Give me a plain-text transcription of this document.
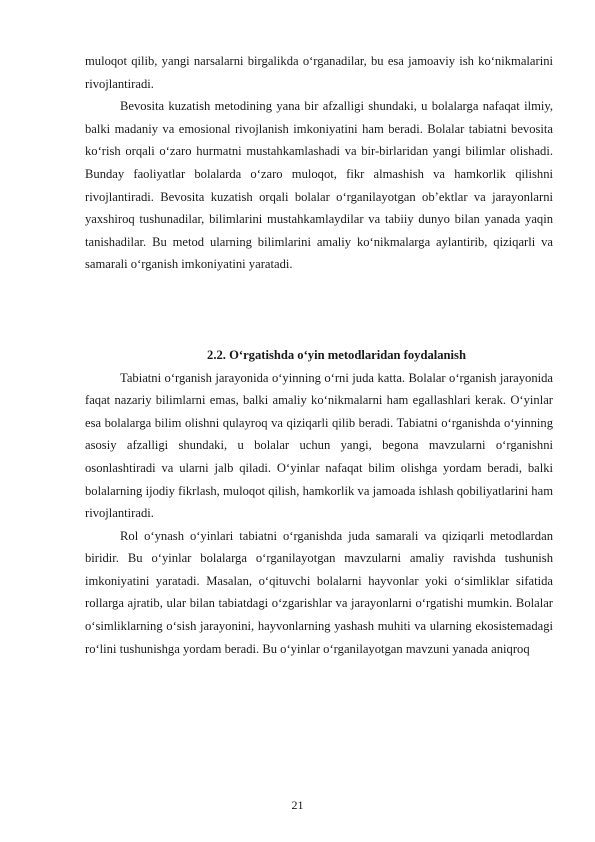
muloqot qilib, yangi narsalarni birgalikda o‘rganadilar, bu esa jamoaviy ish ko‘nikmalarini rivojlantiradi.

Bevosita kuzatish metodining yana bir afzalligi shundaki, u bolalarga nafaqat ilmiy, balki madaniy va emosional rivojlanish imkoniyatini ham beradi. Bolalar tabiatni bevosita ko‘rish orqali o‘zaro hurmatni mustahkamlashadi va bir-birlaridan yangi bilimlar olishadi. Bunday faoliyatlar bolalarda o‘zaro muloqot, fikr almashish va hamkorlik qilishni rivojlantiradi. Bevosita kuzatish orqali bolalar o‘rganilayotgan ob’ektlar va jarayonlarni yaxshiroq tushunadilar, bilimlarini mustahkamlaydilar va tabiiy dunyo bilan yanada yaqin tanishadilar. Bu metod ularning bilimlarini amaliy ko‘nikmalarga aylantirib, qiziqarli va samarali o‘rganish imkoniyatini yaratadi.

2.2. O‘rgatishda o‘yin metodlaridan foydalanish

Tabiatni o‘rganish jarayonida o‘yinning o‘rni juda katta. Bolalar o‘rganish jarayonida faqat nazariy bilimlarni emas, balki amaliy ko‘nikmalarni ham egallashlari kerak. O‘yinlar esa bolalarga bilim olishni qulayroq va qiziqarli qilib beradi. Tabiatni o‘rganishda o‘yinning asosiy afzalligi shundaki, u bolalar uchun yangi, begona mavzularni o‘rganishni osonlashtiradi va ularni jalb qiladi. O‘yinlar nafaqat bilim olishga yordam beradi, balki bolalarning ijodiy fikrlash, muloqot qilish, hamkorlik va jamoada ishlash qobiliyatlarini ham rivojlantiradi.

Rol o‘ynash o‘yinlari tabiatni o‘rganishda juda samarali va qiziqarli metodlardan biridir. Bu o‘yinlar bolalarga o‘rganilayotgan mavzularni amaliy ravishda tushunish imkoniyatini yaratadi. Masalan, o‘qituvchi bolalarni hayvonlar yoki o‘simliklar sifatida rollarga ajratib, ular bilan tabiatdagi o‘zgarishlar va jarayonlarni o‘rgatishi mumkin. Bolalar o‘simliklarning o‘sish jarayonini, hayvonlarning yashash muhiti va ularning ekosistemadagi ro‘lini tushunishga yordam beradi. Bu o‘yinlar o‘rganilayotgan mavzuni yanada aniqroq

21
